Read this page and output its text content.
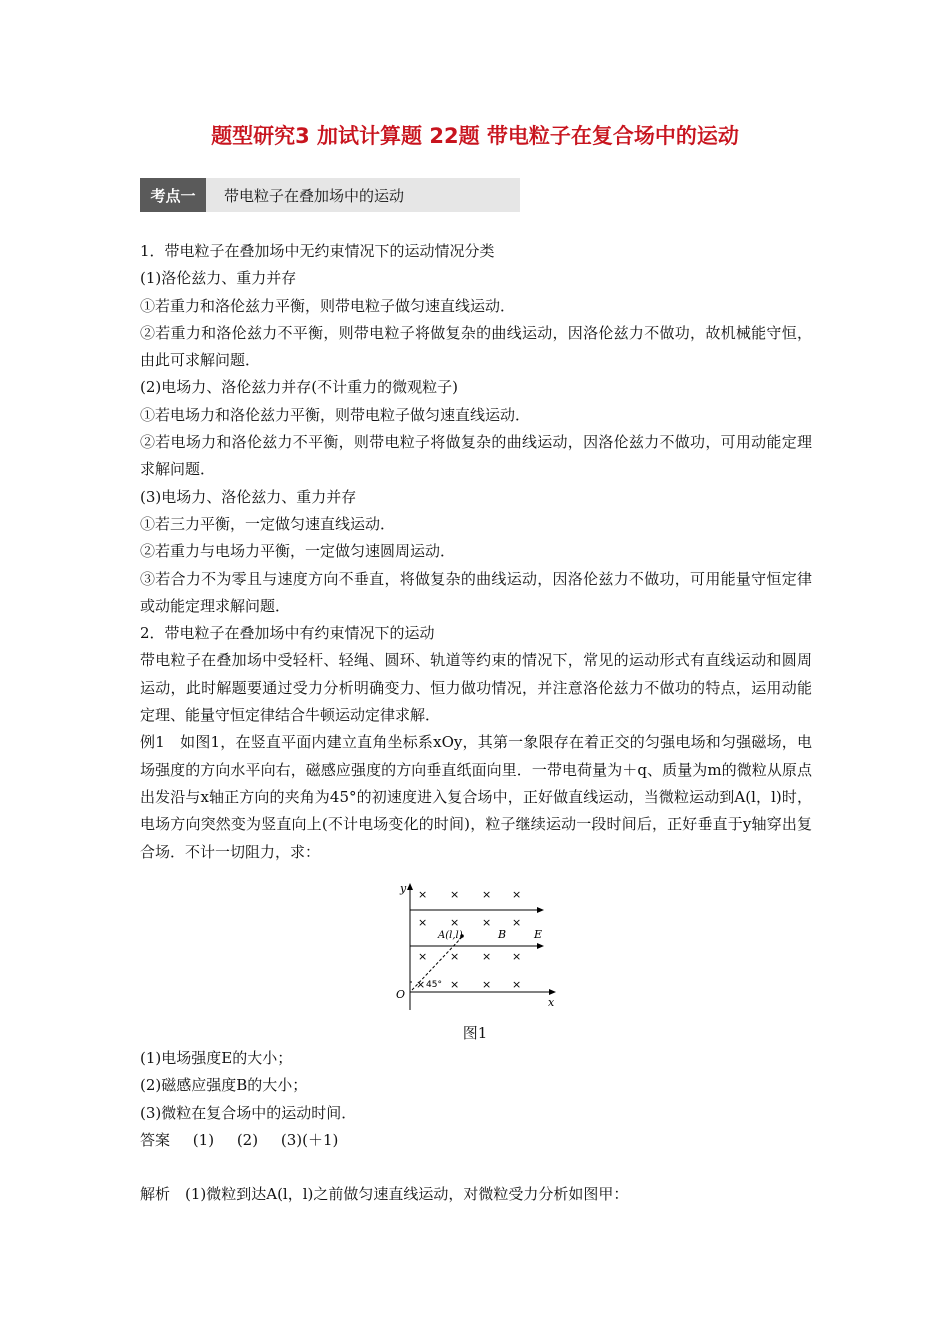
题型研究3 加试计算题 22题 带电粒子在复合场中的运动
考点一	带电粒子在叠加场中的运动

1．带电粒子在叠加场中无约束情况下的运动情况分类

(1)洛伦兹力、重力并存

①若重力和洛伦兹力平衡，则带电粒子做匀速直线运动．

②若重力和洛伦兹力不平衡，则带电粒子将做复杂的曲线运动，因洛伦兹力不做功，故机械能守恒，由此可求解问题．

(2)电场力、洛伦兹力并存(不计重力的微观粒子)

①若电场力和洛伦兹力平衡，则带电粒子做匀速直线运动．

②若电场力和洛伦兹力不平衡，则带电粒子将做复杂的曲线运动，因洛伦兹力不做功，可用动能定理求解问题．

(3)电场力、洛伦兹力、重力并存

①若三力平衡，一定做匀速直线运动．

②若重力与电场力平衡，一定做匀速圆周运动．

③若合力不为零且与速度方向不垂直，将做复杂的曲线运动，因洛伦兹力不做功，可用能量守恒定律或动能定理求解问题．

2．带电粒子在叠加场中有约束情况下的运动

带电粒子在叠加场中受轻杆、轻绳、圆环、轨道等约束的情况下，常见的运动形式有直线运动和圆周运动，此时解题要通过受力分析明确变力、恒力做功情况，并注意洛伦兹力不做功的特点，运用动能定理、能量守恒定律结合牛顿运动定律求解．

例1　如图1，在竖直平面内建立直角坐标系xOy，其第一象限存在着正交的匀强电场和匀强磁场，电场强度的方向水平向右，磁感应强度的方向垂直纸面向里．一带电荷量为＋q、质量为m的微粒从原点出发沿与x轴正方向的夹角为45°的初速度进入复合场中，正好做直线运动，当微粒运动到A(l，l)时，电场方向突然变为竖直向上(不计电场变化的时间)，粒子继续运动一段时间后，正好垂直于y轴穿出复合场．不计一切阻力，求：

× × × ×
× × × ×
× × × ×
× × × ×
y
x
O
A(l,l)	B	E
45°
图1

(1)电场强度E的大小；

(2)磁感应强度B的大小；

(3)微粒在复合场中的运动时间．

答案 (1) (2) (3)(＋1)

解析　(1)微粒到达A(l，l)之前做匀速直线运动，对微粒受力分析如图甲：
